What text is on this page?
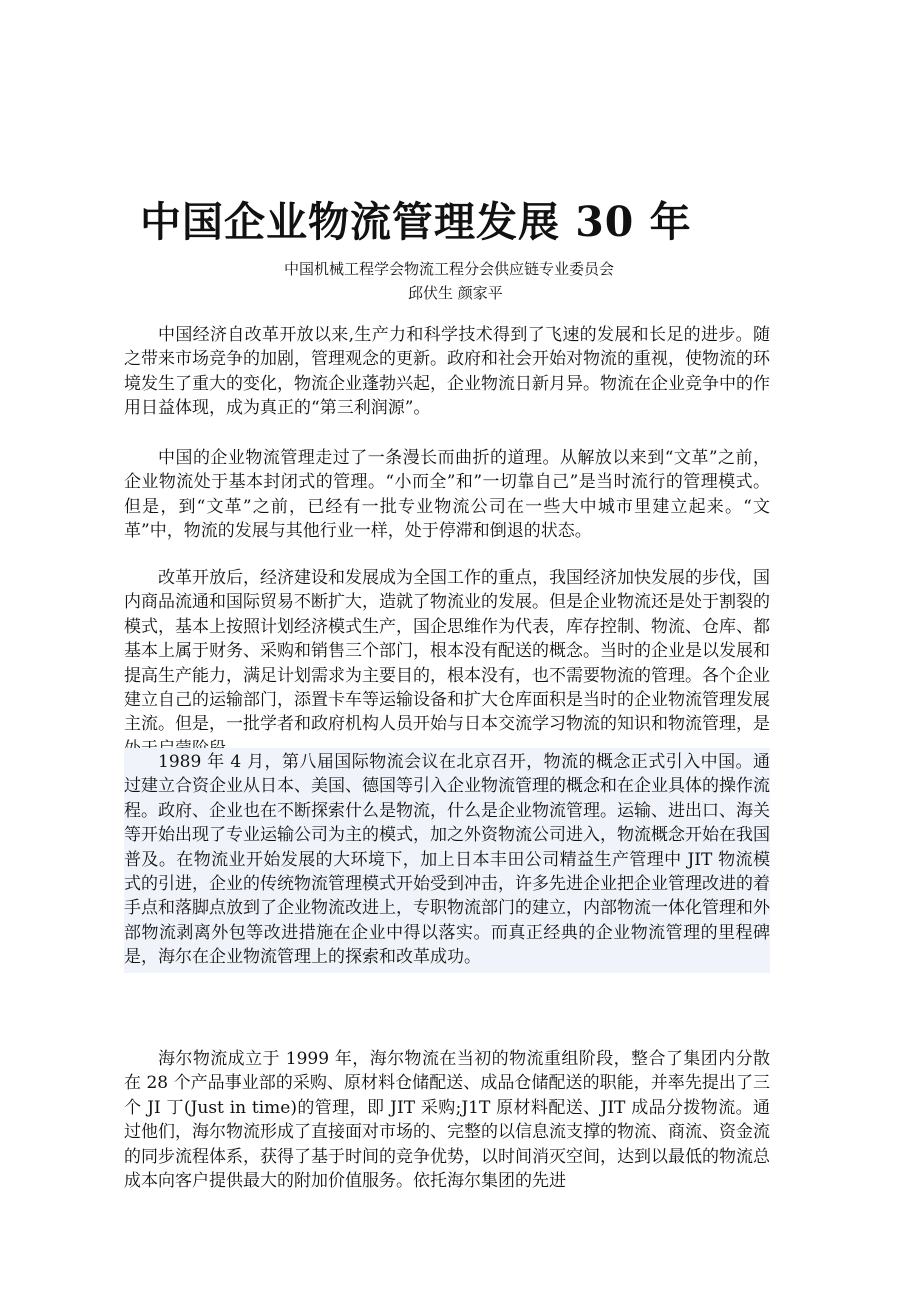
中国企业物流管理发展 30 年
中国机械工程学会物流工程分会供应链专业委员会
邱伏生 颜家平

中国经济自改革开放以来,生产力和科学技术得到了飞速的发展和长足的进步。随之带来市场竞争的加剧，管理观念的更新。政府和社会开始对物流的重视，使物流的环境发生了重大的变化，物流企业蓬勃兴起，企业物流日新月异。物流在企业竞争中的作用日益体现，成为真正的“第三利润源”。

中国的企业物流管理走过了一条漫长而曲折的道理。从解放以来到“文革”之前，企业物流处于基本封闭式的管理。“小而全”和”一切靠自己”是当时流行的管理模式。但是，到“文革”之前，已经有一批专业物流公司在一些大中城市里建立起来。“文革”中，物流的发展与其他行业一样，处于停滞和倒退的状态。

改革开放后，经济建设和发展成为全国工作的重点，我国经济加快发展的步伐，国内商品流通和国际贸易不断扩大，造就了物流业的发展。但是企业物流还是处于割裂的模式，基本上按照计划经济模式生产，国企思维作为代表，库存控制、物流、仓库、都基本上属于财务、采购和销售三个部门，根本没有配送的概念。当时的企业是以发展和提高生产能力，满足计划需求为主要目的，根本没有，也不需要物流的管理。各个企业建立自己的运输部门，添置卡车等运输设备和扩大仓库面积是当时的企业物流管理发展主流。但是，一批学者和政府机构人员开始与日本交流学习物流的知识和物流管理，是

1989 年 4 月，第八届国际物流会议在北京召开，物流的概念正式引入中国。通过建立合资企业从日本、美国、德国等引入企业物流管理的概念和在企业具体的操作流程。政府、企业也在不断探索什么是物流，什么是企业物流管理。运输、进出口、海关等开始出现了专业运输公司为主的模式，加之外资物流公司进入，物流概念开始在我国普及。在物流业开始发展的大环境下，加上日本丰田公司精益生产管理中 JIT 物流模式的引进，企业的传统物流管理模式开始受到冲击，许多先进企业把企业管理改进的着手点和落脚点放到了企业物流改进上，专职物流部门的建立，内部物流一体化管理和外部物流剥离外包等改进措施在企业中得以落实。而真正经典的企业物流管理的里程碑是，海尔在企业物流管理上的探索和改革成功。

海尔物流成立于 1999 年，海尔物流在当初的物流重组阶段，整合了集团内分散在 28 个产品事业部的采购、原材料仓储配送、成品仓储配送的职能，并率先提出了三个 JI 丁(Just in time)的管理，即 JIT 采购;J1T 原材料配送、JIT 成品分拨物流。通过他们，海尔物流形成了直接面对市场的、完整的以信息流支撑的物流、商流、资金流的同步流程体系，获得了基于时间的竞争优势，以时间消灭空间，达到以最低的物流总成本向客户提供最大的附加价值服务。依托海尔集团的先进
